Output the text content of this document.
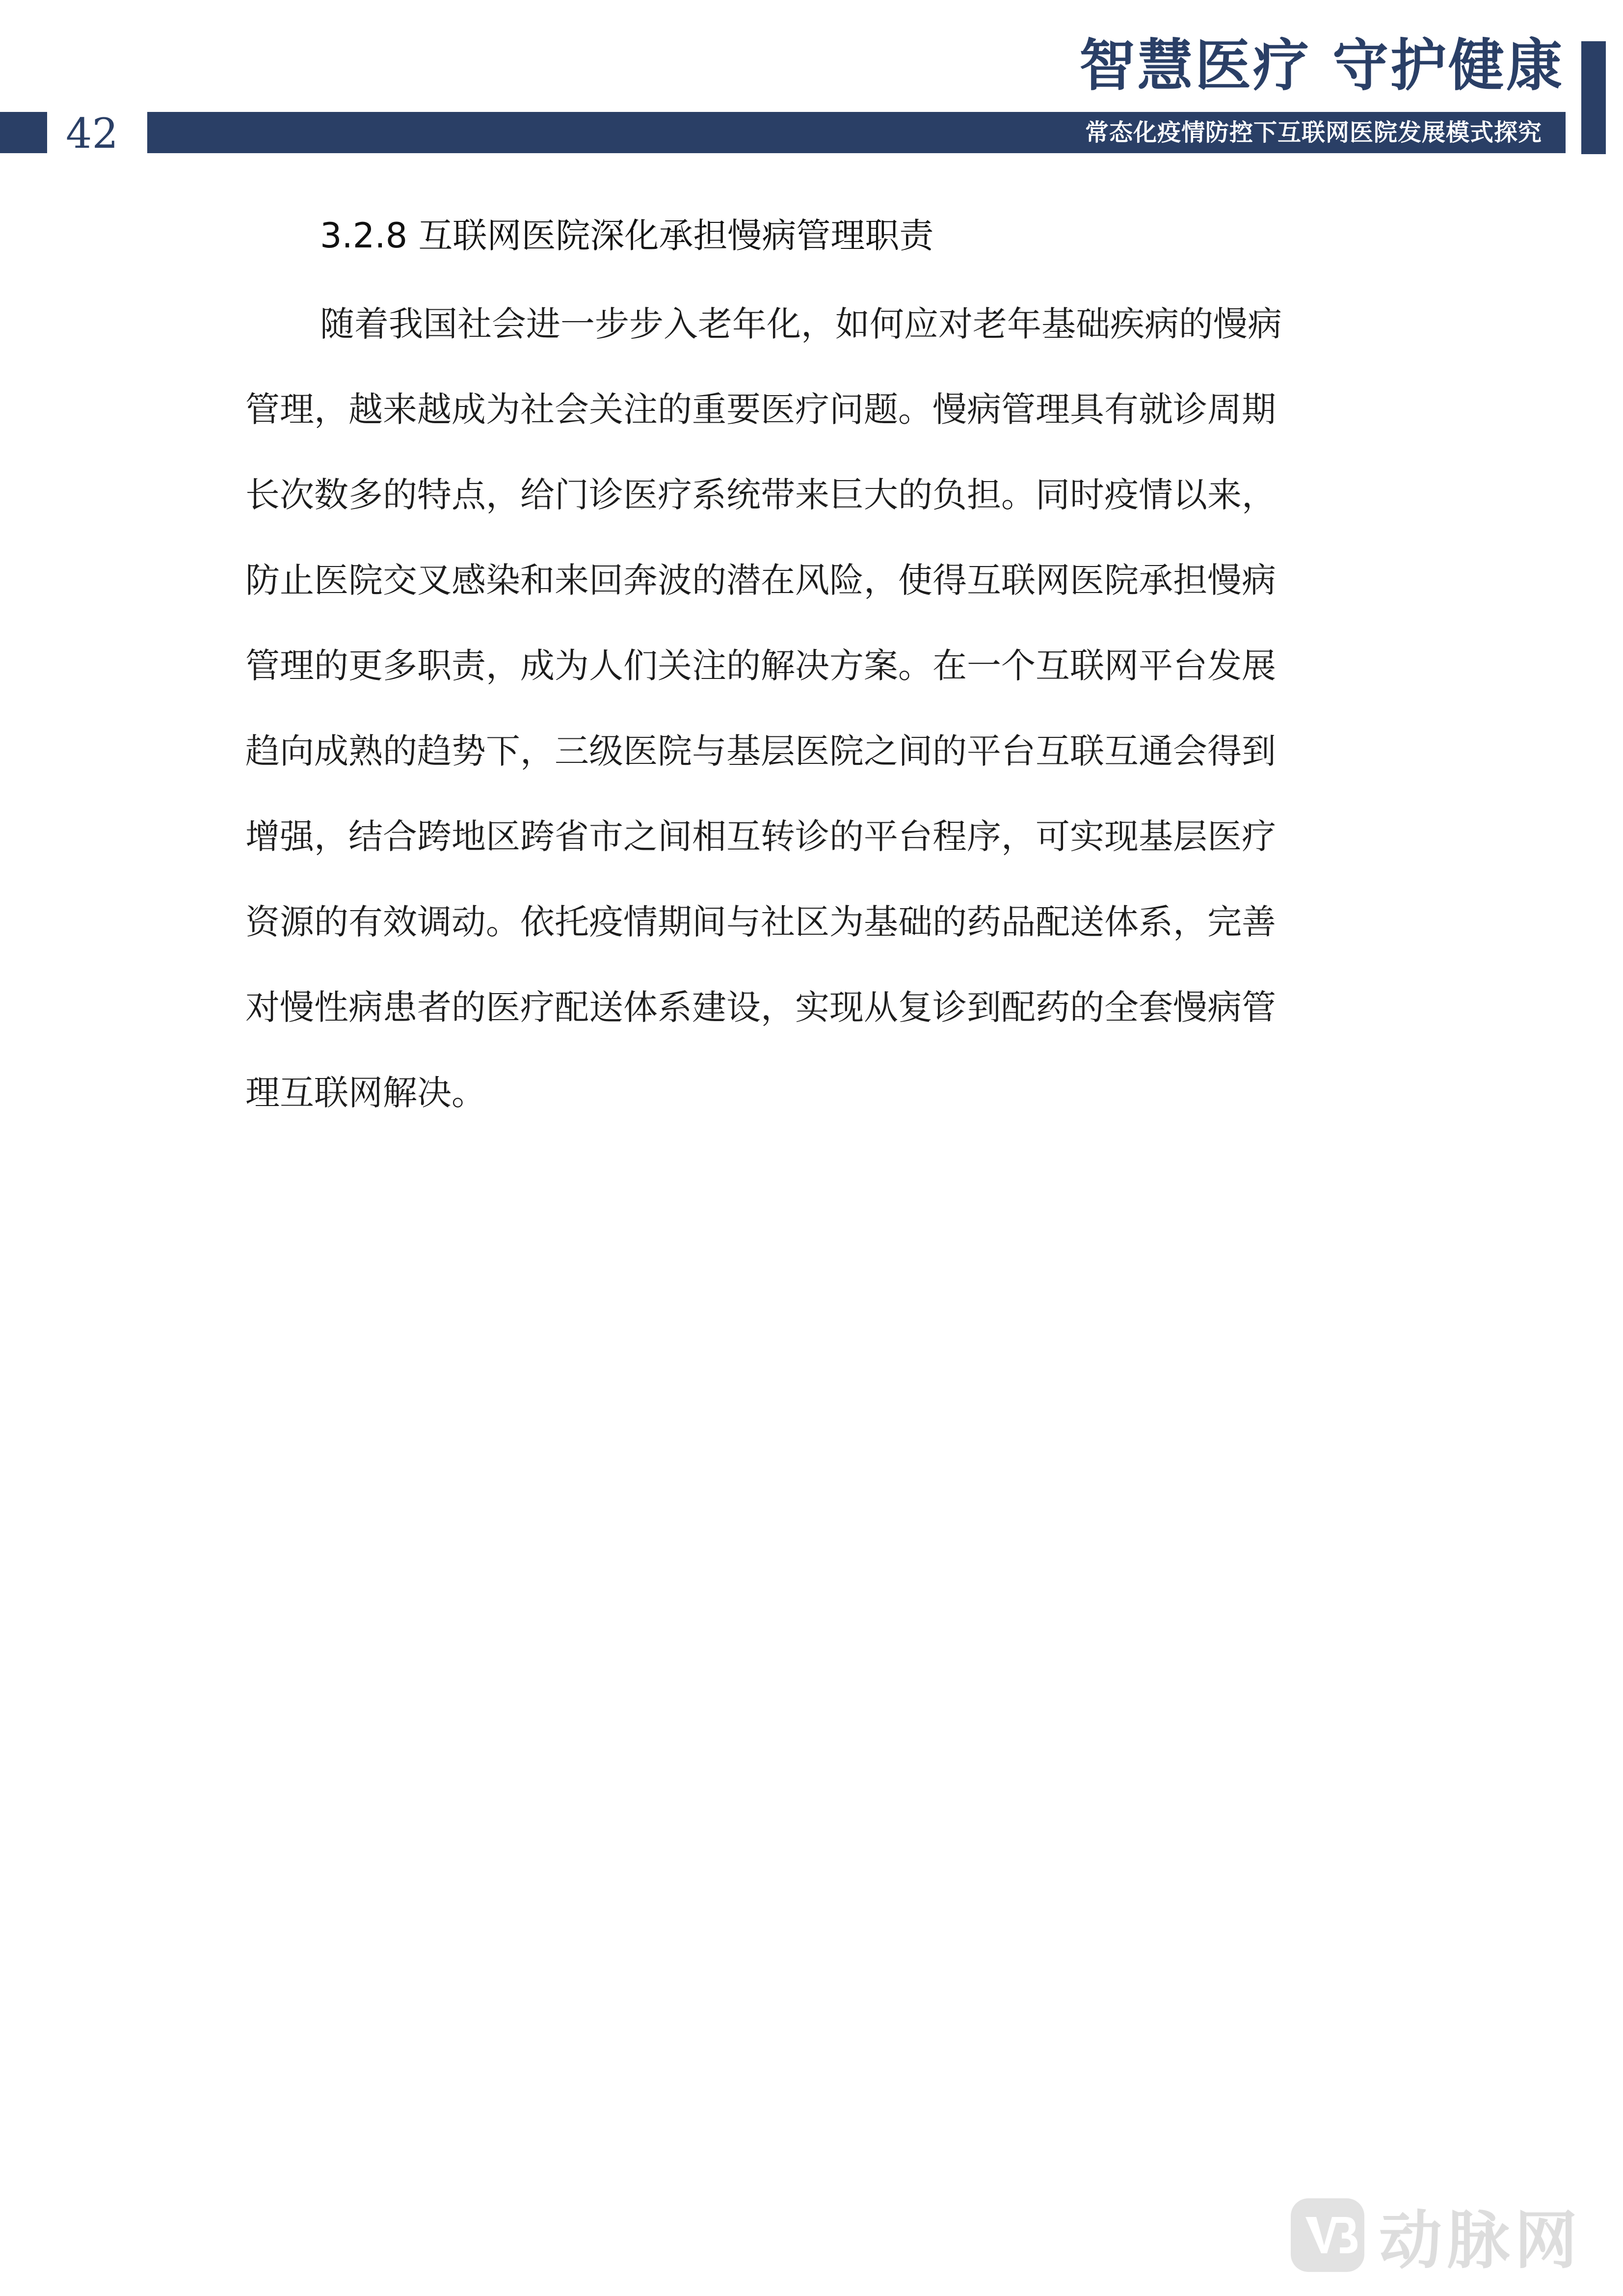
42
智慧医疗 守护健康
常态化疫情防控下互联网医院发展模式探究
3.2.8 互联网医院深化承担慢病管理职责
随着我国社会进一步步入老年化，如何应对老年基础疾病的慢病
管理，越来越成为社会关注的重要医疗问题。慢病管理具有就诊周期
长次数多的特点，给门诊医疗系统带来巨大的负担。同时疫情以来，
防止医院交叉感染和来回奔波的潜在风险，使得互联网医院承担慢病
管理的更多职责，成为人们关注的解决方案。在一个互联网平台发展
趋向成熟的趋势下，三级医院与基层医院之间的平台互联互通会得到
增强，结合跨地区跨省市之间相互转诊的平台程序，可实现基层医疗
资源的有效调动。依托疫情期间与社区为基础的药品配送体系，完善
对慢性病患者的医疗配送体系建设，实现从复诊到配药的全套慢病管
理互联网解决。
动脉网
